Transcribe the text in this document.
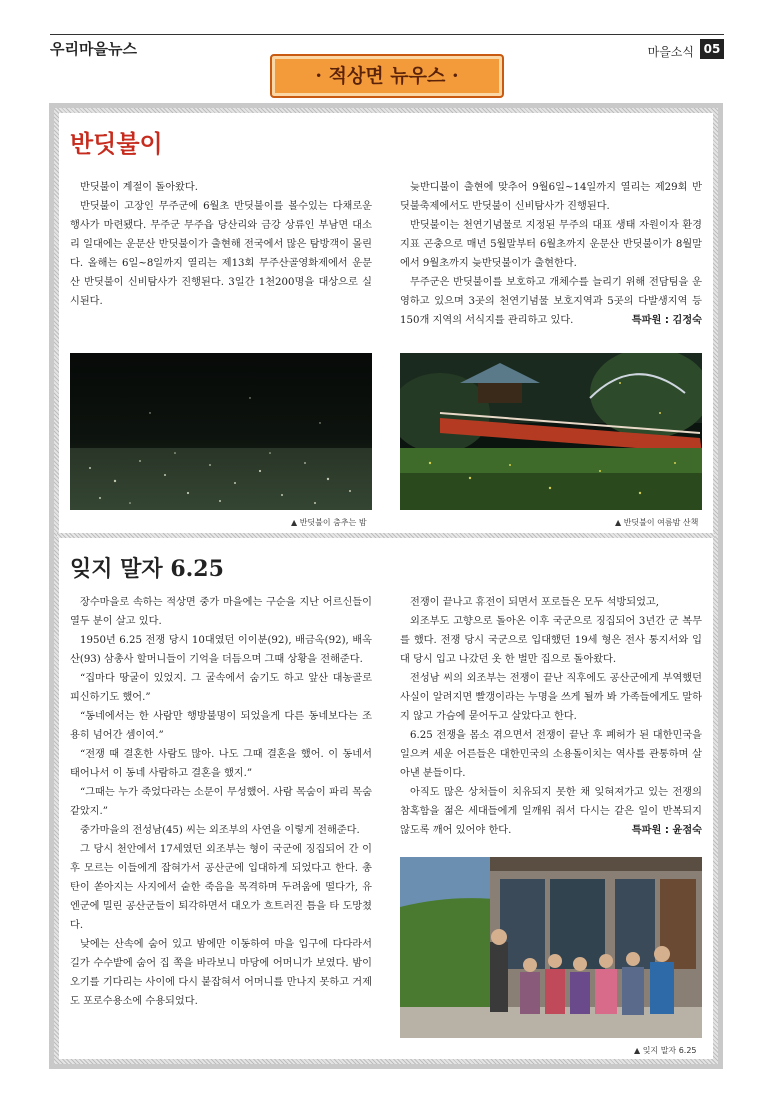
우리마을뉴스	마을소식 05
· 적상면 뉴우스 ·
반딧불이

반딧불이 계절이 돌아왔다.

반딧불이 고장인 무주군에 6월초 반딧불이를 볼수있는 다채로운 행사가 마련됐다. 무주군 무주읍 당산리와 금강 상류인 부남면 대소리 일대에는 운문산 반딧불이가 출현해 전국에서 많은 탐방객이 몰린다. 올해는 6일~8일까지 열리는 제13회 무주산골영화제에서 운문산 반딧불이 신비탐사가 진행된다. 3일간 1천200명을 대상으로 실시된다.

늦반디불이 출현에 맞추어 9월6일~14일까지 열리는 제29회 반딧불축제에서도 반딧불이 신비탐사가 진행된다.

반딧불이는 천연기념물로 지정된 무주의 대표 생태 자원이자 환경지표 곤충으로 매년 5월말부터 6월초까지 운문산 반딧불이가 8월말에서 9월초까지 늦반딧불이가 출현한다.

무주군은 반딧불이를 보호하고 개체수를 늘리기 위해 전담팀을 운영하고 있으며 3곳의 천연기념물 보호지역과 5곳의 다발생지역 등 150개 지역의 서식지를 관리하고 있다.	특파원 : 김정숙

▲ 반딧불이 춤추는 밤	▲ 반딧불이 여름밤 산책
잊지 말자 6.25

장수마을로 속하는 적상면 중가 마을에는 구순을 지난 어르신들이 열두 분이 살고 있다.

1950년 6.25 전쟁 당시 10대였던 이이분(92), 배금옥(92), 배옥산(93) 삼총사 할머니들이 기억을 더듬으며 그때 상황을 전해준다.

“집마다 땅굴이 있었지. 그 굴속에서 숨기도 하고 앞산 대농골로 피신하기도 했어.”

“동네에서는 한 사람만 행방불명이 되었을게 다른 동네보다는 조용히 넘어간 셈이여.”

“전쟁 때 결혼한 사람도 많아. 나도 그때 결혼을 했어. 이 동네서 태어나서 이 동네 사람하고 결혼을 했지.”

“그때는 누가 죽었다라는 소문이 무성했어. 사람 목숨이 파리 목숨 같았지.”

중가마을의 전성남(45) 씨는 외조부의 사연을 이렇게 전해준다.

그 당시 천안에서 17세였던 외조부는 형이 국군에 징집되어 간 이후 모르는 이들에게 잡혀가서 공산군에 입대하게 되었다고 한다. 총탄이 쏟아지는 사지에서 숱한 죽음을 목격하며 두려움에 떨다가, 유엔군에 밀린 공산군들이 퇴각하면서 대오가 흐트러진 틈을 타 도망쳤다.

낮에는 산속에 숨어 있고 밤에만 이동하여 마을 입구에 다다라서 길가 수수밭에 숨어 집 쪽을 바라보니 마당에 어머니가 보였다. 밤이 오기를 기다리는 사이에 다시 붙잡혀서 어머니를 만나지 못하고 거제도 포로수용소에 수용되었다.

전쟁이 끝나고 휴전이 되면서 포로들은 모두 석방되었고,

외조부도 고향으로 돌아온 이후 국군으로 징집되어 3년간 군 복무를 했다. 전쟁 당시 국군으로 입대했던 19세 형은 전사 통지서와 입대 당시 입고 나갔던 옷 한 벌만 집으로 돌아왔다.

전성남 씨의 외조부는 전쟁이 끝난 직후에도 공산군에게 부역했던 사실이 알려지면 빨갱이라는 누명을 쓰게 될까 봐 가족들에게도 말하지 않고 가슴에 묻어두고 살았다고 한다.

6.25 전쟁을 몸소 겪으면서 전쟁이 끝난 후 폐허가 된 대한민국을 일으켜 세운 어른들은 대한민국의 소용돌이치는 역사를 관통하며 살아낸 분들이다.

아직도 많은 상처들이 치유되지 못한 채 잊혀져가고 있는 전쟁의 참혹함을 젊은 세대들에게 일깨워 줘서 다시는 같은 일이 반복되지 않도록 깨어 있어야 한다.	특파원 : 윤점숙

▲ 잊지 말자 6.25
